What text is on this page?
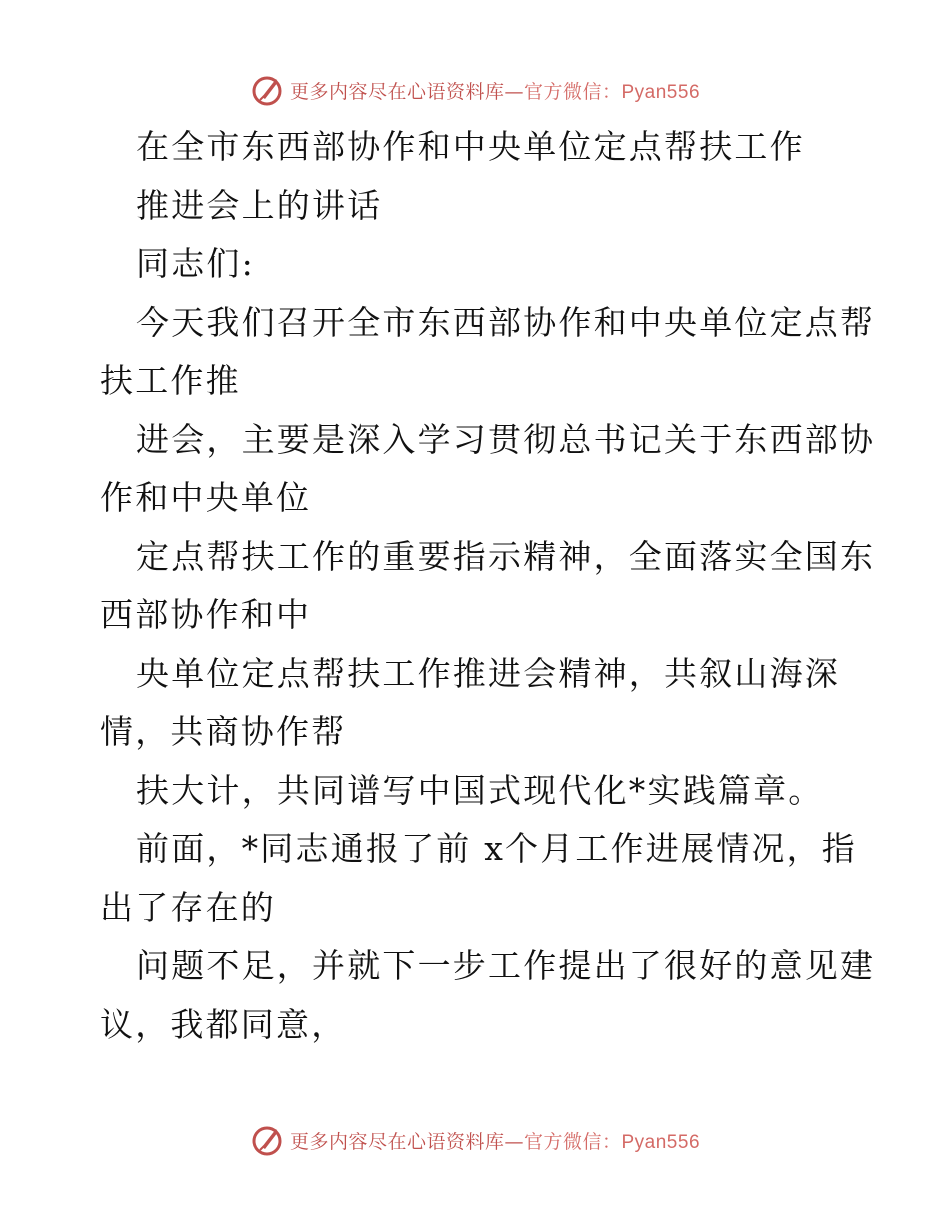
更多内容尽在心语资料库—官方微信：Pyan556
在全市东西部协作和中央单位定点帮扶工作
推进会上的讲话
同志们:
今天我们召开全市东西部协作和中央单位定点帮
扶工作推
进会，主要是深入学习贯彻总书记关于东西部协
作和中央单位
定点帮扶工作的重要指示精神，全面落实全国东
西部协作和中
央单位定点帮扶工作推进会精神，共叙山海深
情，共商协作帮
扶大计，共同谱写中国式现代化*实践篇章。
前面，*同志通报了前 x个月工作进展情况，指
出了存在的
问题不足，并就下一步工作提出了很好的意见建
议，我都同意，
更多内容尽在心语资料库—官方微信：Pyan556
